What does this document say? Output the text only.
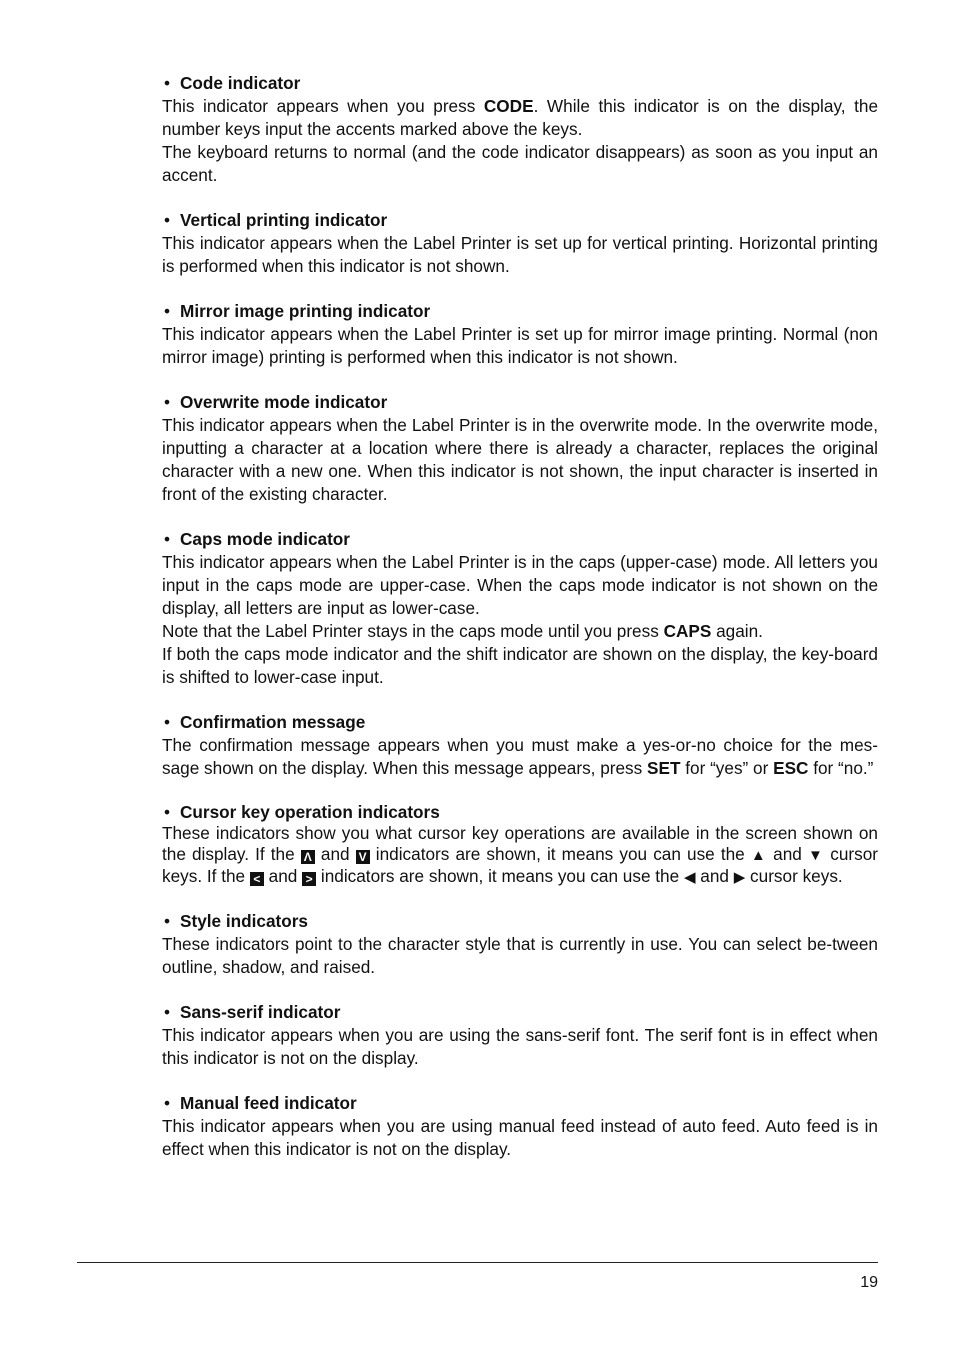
• Code indicator

This indicator appears when you press CODE. While this indicator is on the display, the number keys input the accents marked above the keys.

The keyboard returns to normal (and the code indicator disappears) as soon as you input an accent.

• Vertical printing indicator

This indicator appears when the Label Printer is set up for vertical printing. Horizontal printing is performed when this indicator is not shown.

• Mirror image printing indicator

This indicator appears when the Label Printer is set up for mirror image printing. Normal (non mirror image) printing is performed when this indicator is not shown.

• Overwrite mode indicator

This indicator appears when the Label Printer is in the overwrite mode. In the overwrite mode, inputting a character at a location where there is already a character, replaces the original character with a new one. When this indicator is not shown, the input character is inserted in front of the existing character.

• Caps mode indicator

This indicator appears when the Label Printer is in the caps (upper-case) mode. All letters you input in the caps mode are upper-case. When the caps mode indicator is not shown on the display, all letters are input as lower-case.

Note that the Label Printer stays in the caps mode until you press CAPS again.

If both the caps mode indicator and the shift indicator are shown on the display, the key-board is shifted to lower-case input.

• Confirmation message

The confirmation message appears when you must make a yes-or-no choice for the mes-sage shown on the display. When this message appears, press SET for “yes” or ESC for “no.”

• Cursor key operation indicators

These indicators show you what cursor key operations are available in the screen shown on the display. If the Λ and V indicators are shown, it means you can use the ▲ and ▼ cursor keys. If the < and > indicators are shown, it means you can use the ◀ and ▶ cursor keys.

• Style indicators

These indicators point to the character style that is currently in use. You can select be-tween outline, shadow, and raised.

• Sans-serif indicator

This indicator appears when you are using the sans-serif font. The serif font is in effect when this indicator is not on the display.

• Manual feed indicator

This indicator appears when you are using manual feed instead of auto feed. Auto feed is in effect when this indicator is not on the display.

19
